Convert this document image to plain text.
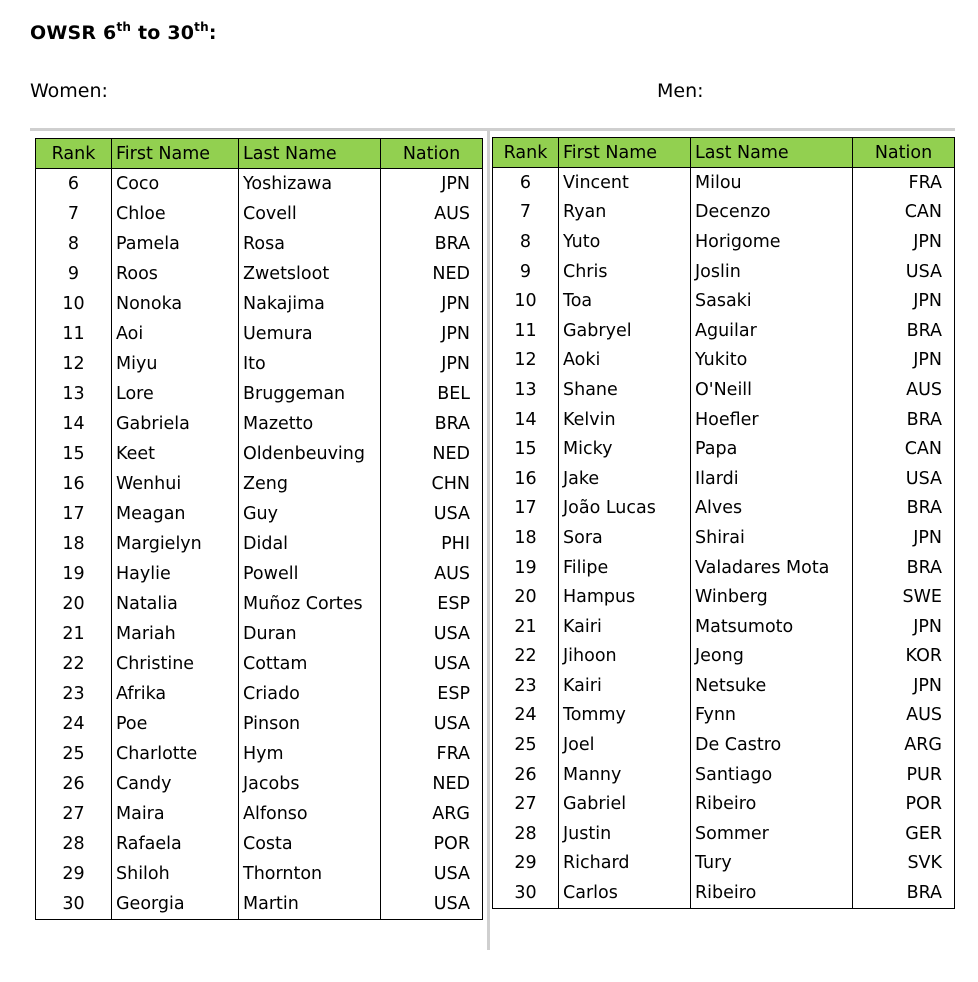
OWSR 6th to 30th:
Women:	Men:
Rank	First Name	Last Name	Nation
6	Coco	Yoshizawa	JPN
7	Chloe	Covell	AUS
8	Pamela	Rosa	BRA
9	Roos	Zwetsloot	NED
10	Nonoka	Nakajima	JPN
11	Aoi	Uemura	JPN
12	Miyu	Ito	JPN
13	Lore	Bruggeman	BEL
14	Gabriela	Mazetto	BRA
15	Keet	Oldenbeuving	NED
16	Wenhui	Zeng	CHN
17	Meagan	Guy	USA
18	Margielyn	Didal	PHI
19	Haylie	Powell	AUS
20	Natalia	Muñoz Cortes	ESP
21	Mariah	Duran	USA
22	Christine	Cottam	USA
23	Afrika	Criado	ESP
24	Poe	Pinson	USA
25	Charlotte	Hym	FRA
26	Candy	Jacobs	NED
27	Maira	Alfonso	ARG
28	Rafaela	Costa	POR
29	Shiloh	Thornton	USA
30	Georgia	Martin	USA
Rank	First Name	Last Name	Nation
6	Vincent	Milou	FRA
7	Ryan	Decenzo	CAN
8	Yuto	Horigome	JPN
9	Chris	Joslin	USA
10	Toa	Sasaki	JPN
11	Gabryel	Aguilar	BRA
12	Aoki	Yukito	JPN
13	Shane	O'Neill	AUS
14	Kelvin	Hoefler	BRA
15	Micky	Papa	CAN
16	Jake	Ilardi	USA
17	João Lucas	Alves	BRA
18	Sora	Shirai	JPN
19	Filipe	Valadares Mota	BRA
20	Hampus	Winberg	SWE
21	Kairi	Matsumoto	JPN
22	Jihoon	Jeong	KOR
23	Kairi	Netsuke	JPN
24	Tommy	Fynn	AUS
25	Joel	De Castro	ARG
26	Manny	Santiago	PUR
27	Gabriel	Ribeiro	POR
28	Justin	Sommer	GER
29	Richard	Tury	SVK
30	Carlos	Ribeiro	BRA
